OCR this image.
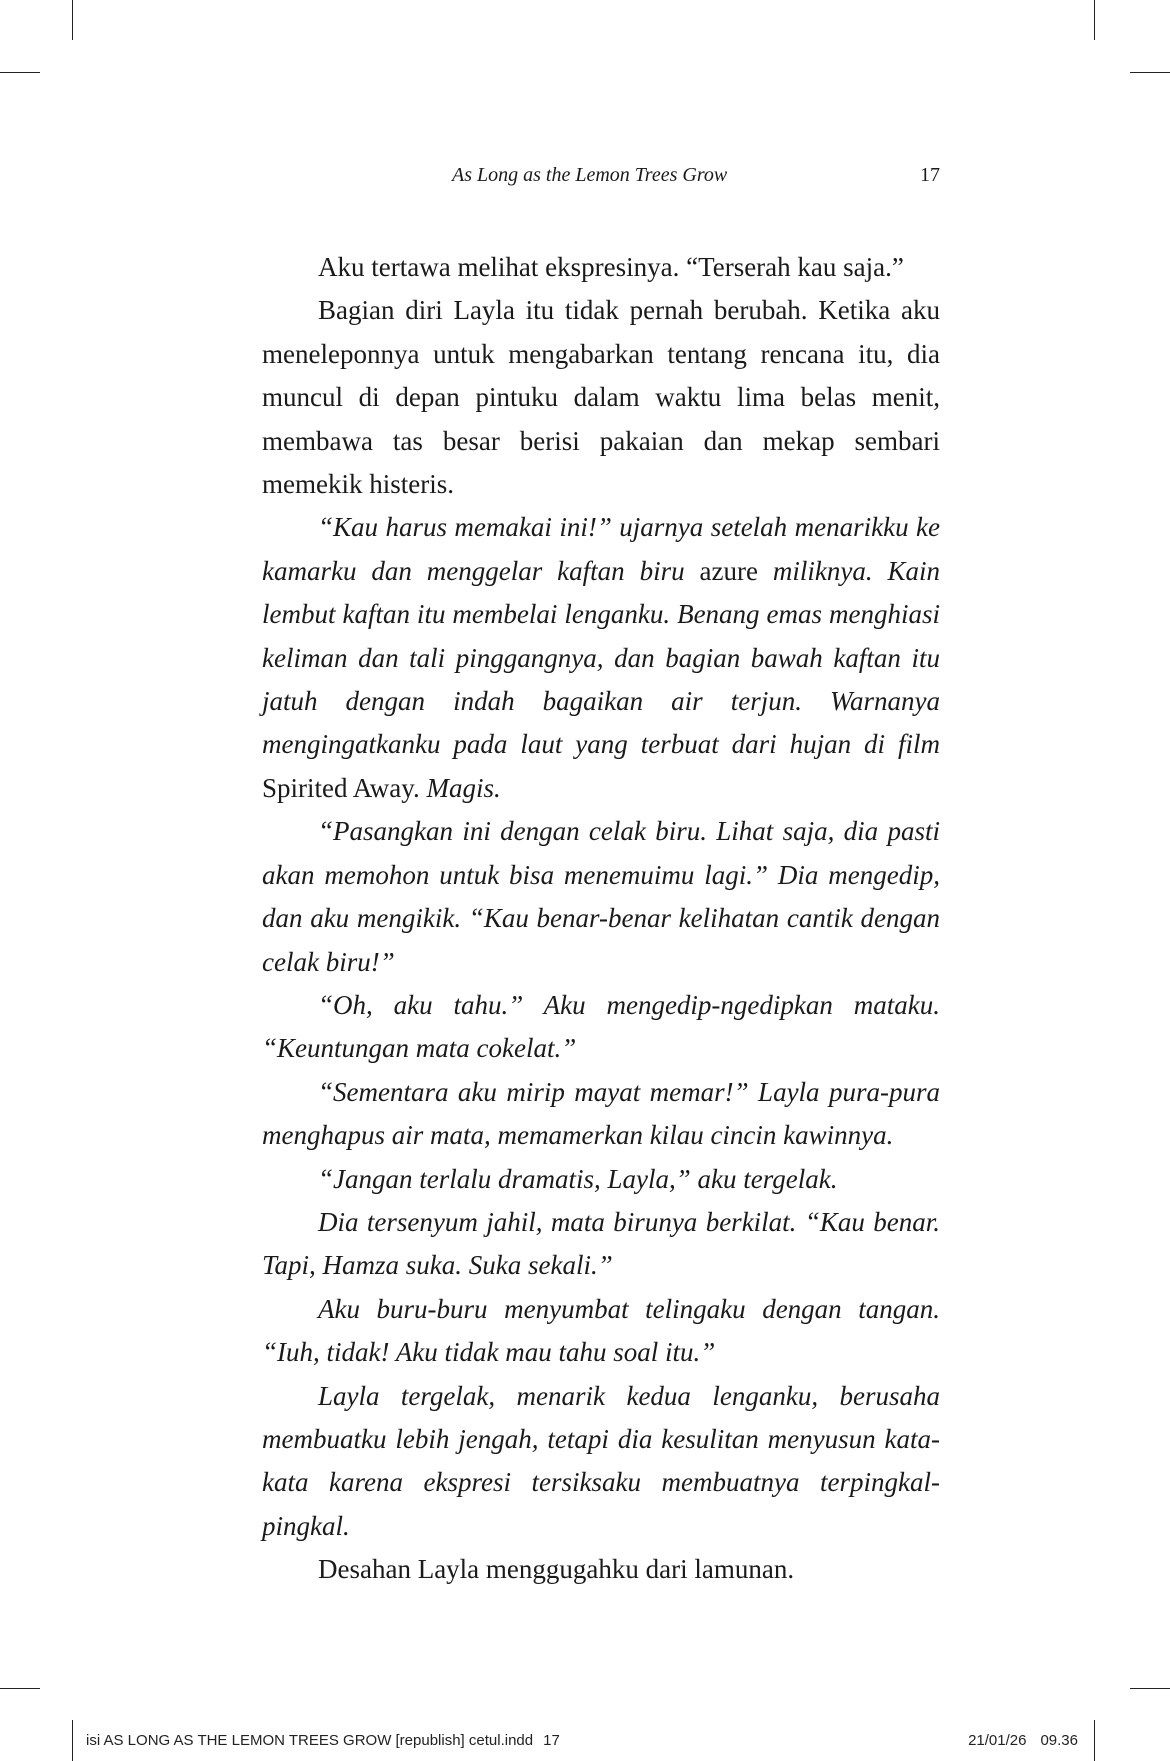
As Long as the Lemon Trees Grow	17

Aku tertawa melihat ekspresinya. “Terserah kau saja.”

Bagian diri Layla itu tidak pernah berubah. Ketika aku meneleponnya untuk mengabarkan tentang rencana itu, dia muncul di depan pintuku dalam waktu lima belas menit, membawa tas besar berisi pakaian dan mekap sembari memekik histeris.

“Kau harus memakai ini!” ujarnya setelah menarikku ke kamarku dan menggelar kaftan biru azure miliknya. Kain lembut kaftan itu membelai lenganku. Benang emas menghiasi keliman dan tali pinggangnya, dan bagian bawah kaftan itu jatuh dengan indah bagaikan air terjun. Warnanya mengingatkanku pada laut yang terbuat dari hujan di film Spirited Away. Magis.

“Pasangkan ini dengan celak biru. Lihat saja, dia pasti akan memohon untuk bisa menemuimu lagi.” Dia mengedip, dan aku mengikik. “Kau benar-benar kelihatan cantik dengan celak biru!”

“Oh, aku tahu.” Aku mengedip-ngedipkan mataku. “Keuntungan mata cokelat.”

“Sementara aku mirip mayat memar!” Layla pura-pura menghapus air mata, memamerkan kilau cincin kawinnya.

“Jangan terlalu dramatis, Layla,” aku tergelak.

Dia tersenyum jahil, mata birunya berkilat. “Kau benar. Tapi, Hamza suka. Suka sekali.”

Aku buru-buru menyumbat telingaku dengan tangan. “Iuh, tidak! Aku tidak mau tahu soal itu.”

Layla tergelak, menarik kedua lenganku, berusaha membuatku lebih jengah, tetapi dia kesulitan menyusun kata-kata karena ekspresi tersiksaku membuatnya terpingkal-pingkal.

Desahan Layla menggugahku dari lamunan.

isi AS LONG AS THE LEMON TREES GROW [republish] cetul.indd 17	21/01/26 09.36
